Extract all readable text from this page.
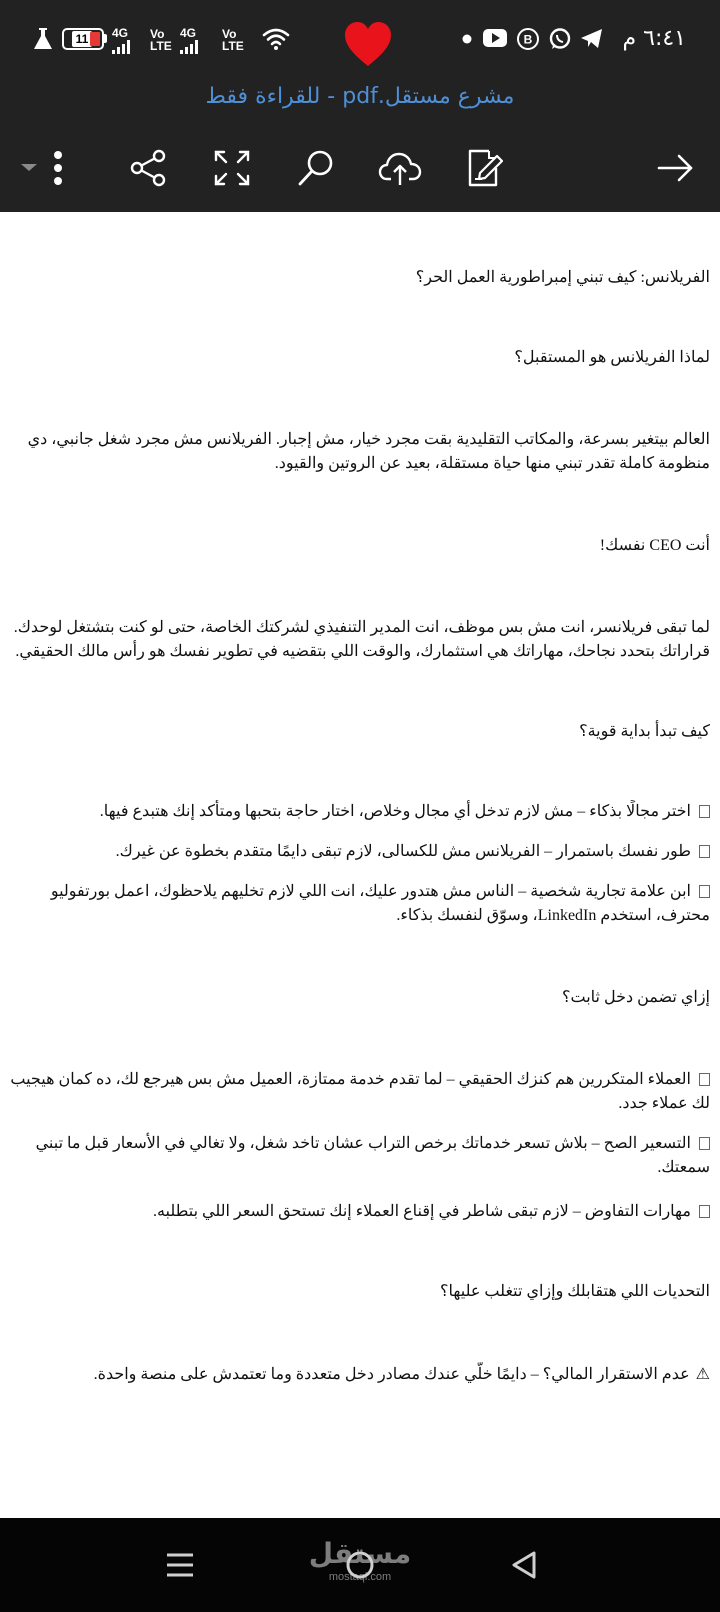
٦:٤١ م
B
11	4G Vo
LTE
4G Vo
LTE
مشرع مستقل.pdf - للقراءة فقط
الفريلانس: كيف تبني إمبراطورية العمل الحر؟
لماذا الفريلانس هو المستقبل؟
العالم بيتغير بسرعة، والمكاتب التقليدية بقت مجرد خيار، مش إجبار. الفريلانس مش مجرد شغل جانبي، دي
منظومة كاملة تقدر تبني منها حياة مستقلة، بعيد عن الروتين والقيود.
أنت CEO نفسك!
لما تبقى فريلانسر، انت مش بس موظف، انت المدير التنفيذي لشركتك الخاصة، حتى لو كنت بتشتغل لوحدك.
قراراتك بتحدد نجاحك، مهاراتك هي استثمارك، والوقت اللي بتقضيه في تطوير نفسك هو رأس مالك الحقيقي.
كيف تبدأ بداية قوية؟
اختر مجالًا بذكاء – مش لازم تدخل أي مجال وخلاص، اختار حاجة بتحبها ومتأكد إنك هتبدع فيها.
طور نفسك باستمرار – الفريلانس مش للكسالى، لازم تبقى دايمًا متقدم بخطوة عن غيرك.
ابن علامة تجارية شخصية – الناس مش هتدور عليك، انت اللي لازم تخليهم يلاحظوك، اعمل بورتفوليو
محترف، استخدم LinkedIn، وسوّق لنفسك بذكاء.
إزاي تضمن دخل ثابت؟
العملاء المتكررين هم كنزك الحقيقي – لما تقدم خدمة ممتازة، العميل مش بس هيرجع لك، ده كمان هيجيب
لك عملاء جدد.
التسعير الصح – بلاش تسعر خدماتك برخص التراب عشان تاخد شغل، ولا تغالي في الأسعار قبل ما تبني
سمعتك.
مهارات التفاوض – لازم تبقى شاطر في إقناع العملاء إنك تستحق السعر اللي بتطلبه.
التحديات اللي هتقابلك وإزاي تتغلب عليها؟
⚠عدم الاستقرار المالي؟ – دايمًا خلّي عندك مصادر دخل متعددة وما تعتمدش على منصة واحدة.
مستقل
mostaql.com
